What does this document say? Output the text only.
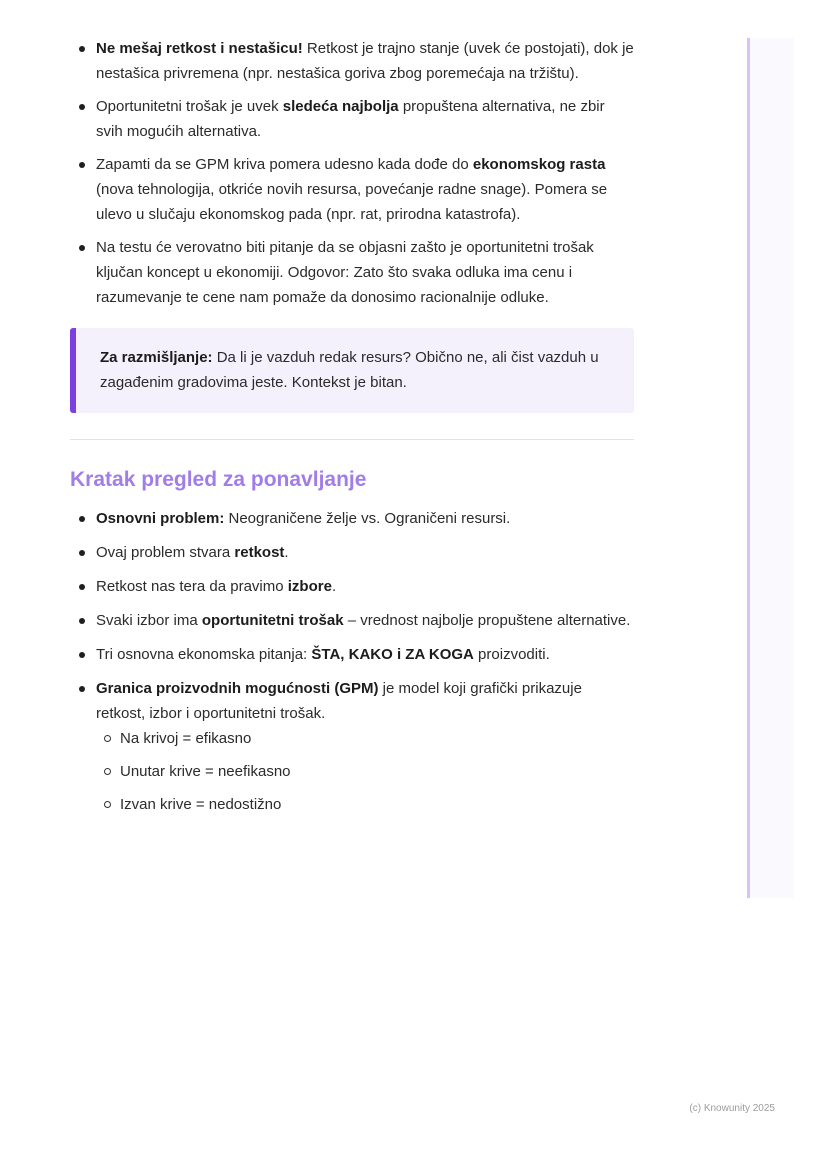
Ne mešaj retkost i nestašicu! Retkost je trajno stanje (uvek će postojati), dok je nestašica privremena (npr. nestašica goriva zbog poremećaja na tržištu).
Oportunitetni trošak je uvek sledeća najbolja propuštena alternativa, ne zbir svih mogućih alternativa.
Zapamti da se GPM kriva pomera udesno kada dođe do ekonomskog rasta (nova tehnologija, otkriće novih resursa, povećanje radne snage). Pomera se ulevo u slučaju ekonomskog pada (npr. rat, prirodna katastrofa).
Na testu će verovatno biti pitanje da se objasni zašto je oportunitetni trošak ključan koncept u ekonomiji. Odgovor: Zato što svaka odluka ima cenu i razumevanje te cene nam pomaže da donosimo racionalnije odluke.
Za razmišljanje: Da li je vazduh redak resurs? Obično ne, ali čist vazduh u zagađenim gradovima jeste. Kontekst je bitan.
Kratak pregled za ponavljanje
Osnovni problem: Neograničene želje vs. Ograničeni resursi.
Ovaj problem stvara retkost.
Retkost nas tera da pravimo izbore.
Svaki izbor ima oportunitetni trošak – vrednost najbolje propuštene alternative.
Tri osnovna ekonomska pitanja: ŠTA, KAKO i ZA KOGA proizvoditi.
Granica proizvodnih mogućnosti (GPM) je model koji grafički prikazuje retkost, izbor i oportunitetni trošak.
Na krivoj = efikasno
Unutar krive = neefikasno
Izvan krive = nedostižno
(c) Knowunity 2025
